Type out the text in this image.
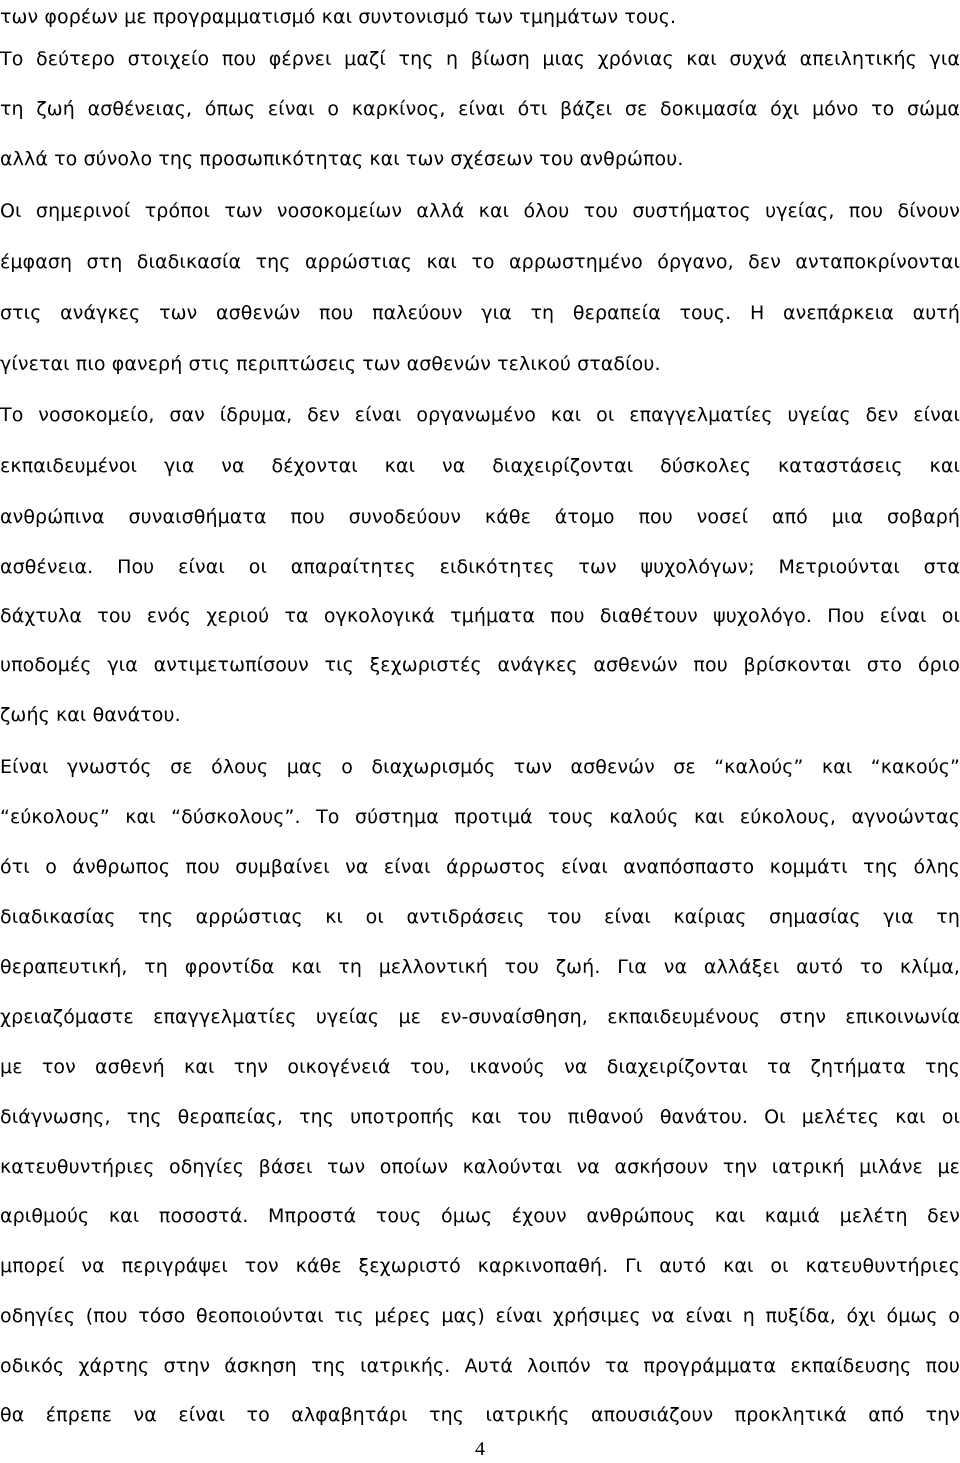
των φορέων με προγραμματισμό και συντονισμό των τμημάτων τους.
Το δεύτερο στοιχείο που φέρνει μαζί της η βίωση μιας χρόνιας και συχνά απειλητικής για
τη ζωή ασθένειας, όπως είναι ο καρκίνος, είναι ότι βάζει σε δοκιμασία όχι μόνο το σώμα
αλλά το σύνολο της προσωπικότητας και των σχέσεων του ανθρώπου.
Οι σημερινοί τρόποι των νοσοκομείων αλλά και όλου του συστήματος υγείας, που δίνουν
έμφαση στη διαδικασία της αρρώστιας και το αρρωστημένο όργανο, δεν ανταποκρίνονται
στις ανάγκες των ασθενών που παλεύουν για τη θεραπεία τους. Η ανεπάρκεια αυτή
γίνεται πιο φανερή στις περιπτώσεις των ασθενών τελικού σταδίου.
Το νοσοκομείο, σαν ίδρυμα, δεν είναι οργανωμένο και οι επαγγελματίες υγείας δεν είναι
εκπαιδευμένοι για να δέχονται και να διαχειρίζονται δύσκολες καταστάσεις και
ανθρώπινα συναισθήματα που συνοδεύουν κάθε άτομο που νοσεί από μια σοβαρή
ασθένεια. Που είναι οι απαραίτητες ειδικότητες των ψυχολόγων; Μετριούνται στα
δάχτυλα του ενός χεριού τα ογκολογικά τμήματα που διαθέτουν ψυχολόγο. Που είναι οι
υποδομές για αντιμετωπίσουν τις ξεχωριστές ανάγκες ασθενών που βρίσκονται στο όριο
ζωής και θανάτου.
Είναι γνωστός σε όλους μας ο διαχωρισμός των ασθενών σε “καλούς” και “κακούς”
“εύκολους” και “δύσκολους”. Το σύστημα προτιμά τους καλούς και εύκολους, αγνοώντας
ότι ο άνθρωπος που συμβαίνει να είναι άρρωστος είναι αναπόσπαστο κομμάτι της όλης
διαδικασίας της αρρώστιας κι οι αντιδράσεις του είναι καίριας σημασίας για τη
θεραπευτική, τη φροντίδα και τη μελλοντική του ζωή. Για να αλλάξει αυτό το κλίμα,
χρειαζόμαστε επαγγελματίες υγείας με εν-συναίσθηση, εκπαιδευμένους στην επικοινωνία
με τον ασθενή και την οικογένειά του, ικανούς να διαχειρίζονται τα ζητήματα της
διάγνωσης, της θεραπείας, της υποτροπής και του πιθανού θανάτου. Οι μελέτες και οι
κατευθυντήριες οδηγίες βάσει των οποίων καλούνται να ασκήσουν την ιατρική μιλάνε με
αριθμούς και ποσοστά. Μπροστά τους όμως έχουν ανθρώπους και καμιά μελέτη δεν
μπορεί να περιγράψει τον κάθε ξεχωριστό καρκινοπαθή. Γι αυτό και οι κατευθυντήριες
οδηγίες (που τόσο θεοποιούνται τις μέρες μας) είναι χρήσιμες να είναι η πυξίδα, όχι όμως ο
οδικός χάρτης στην άσκηση της ιατρικής. Αυτά λοιπόν τα προγράμματα εκπαίδευσης που
θα έπρεπε να είναι το αλφαβητάρι της ιατρικής απουσιάζουν προκλητικά από την
4
